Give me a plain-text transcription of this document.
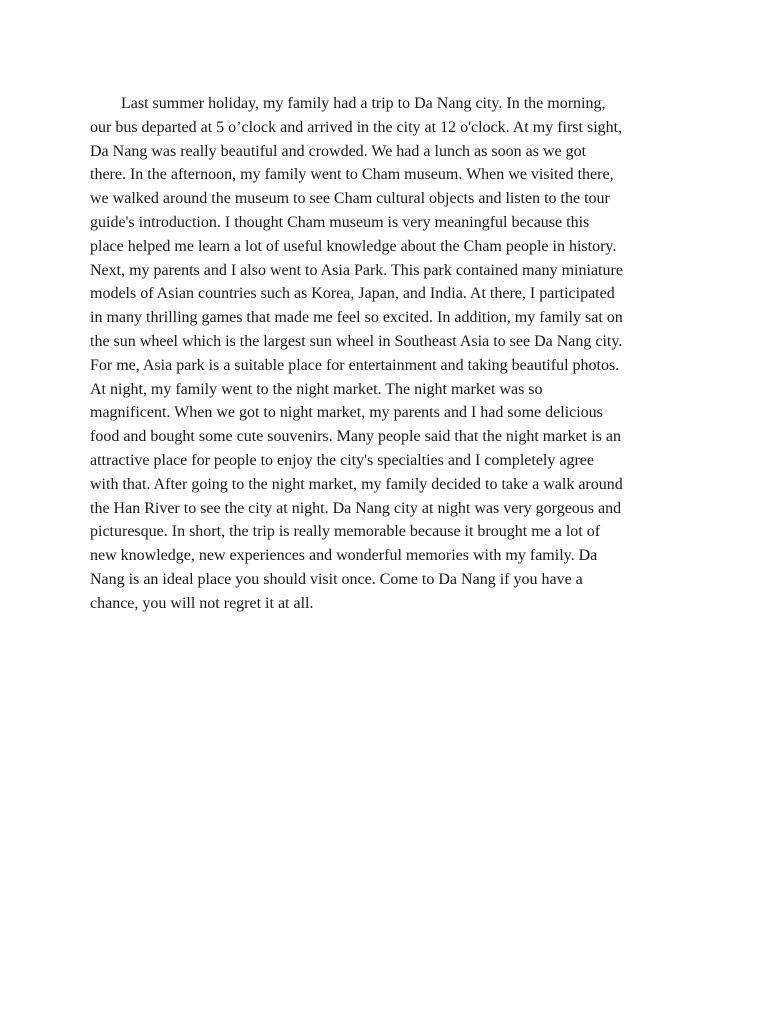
Last summer holiday, my family had a trip to Da Nang city. In the morning,
our bus departed at 5 o’clock and arrived in the city at 12 o'clock. At my first sight,
Da Nang was really beautiful and crowded. We had a lunch as soon as we got
there. In the afternoon, my family went to Cham museum. When we visited there,
we walked around the museum to see Cham cultural objects and listen to the tour
guide's introduction. I thought Cham museum is very meaningful because this
place helped me learn a lot of useful knowledge about the Cham people in history.
Next, my parents and I also went to Asia Park. This park contained many miniature
models of Asian countries such as Korea, Japan, and India. At there, I participated
in many thrilling games that made me feel so excited. In addition, my family sat on
the sun wheel which is the largest sun wheel in Southeast Asia to see Da Nang city.
For me, Asia park is a suitable place for entertainment and taking beautiful photos.
At night, my family went to the night market. The night market was so
magnificent. When we got to night market, my parents and I had some delicious
food and bought some cute souvenirs. Many people said that the night market is an
attractive place for people to enjoy the city's specialties and I completely agree
with that. After going to the night market, my family decided to take a walk around
the Han River to see the city at night. Da Nang city at night was very gorgeous and
picturesque. In short, the trip is really memorable because it brought me a lot of
new knowledge, new experiences and wonderful memories with my family. Da
Nang is an ideal place you should visit once. Come to Da Nang if you have a
chance, you will not regret it at all.
